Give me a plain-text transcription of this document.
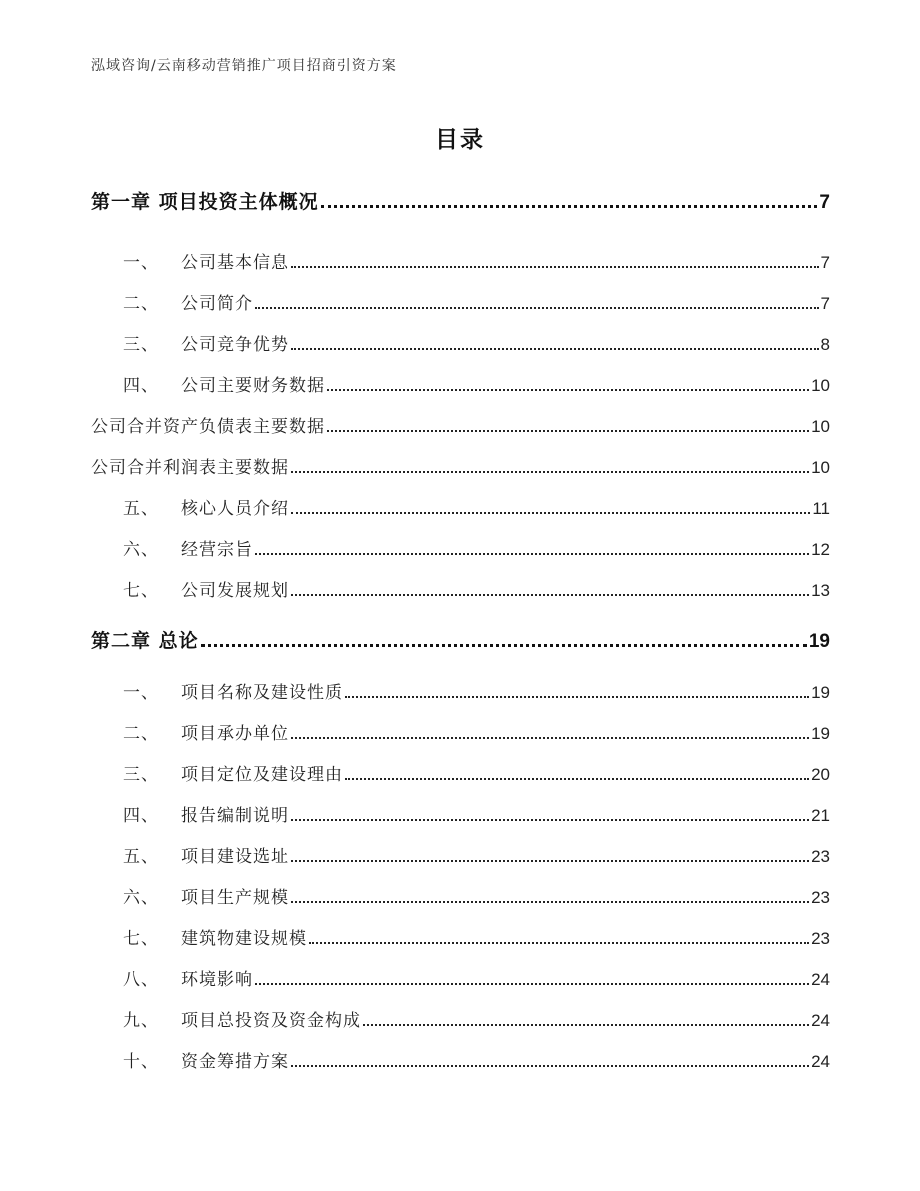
泓域咨询/云南移动营销推广项目招商引资方案
目录
第一章 项目投资主体概况	7
一、 公司基本信息	7
二、 公司简介	7
三、 公司竞争优势	8
四、 公司主要财务数据	10
公司合并资产负债表主要数据	10
公司合并利润表主要数据	10
五、 核心人员介绍	11
六、 经营宗旨	12
七、 公司发展规划	13
第二章 总论	19
一、 项目名称及建设性质	19
二、 项目承办单位	19
三、 项目定位及建设理由	20
四、 报告编制说明	21
五、 项目建设选址	23
六、 项目生产规模	23
七、 建筑物建设规模	23
八、 环境影响	24
九、 项目总投资及资金构成	24
十、 资金筹措方案	24
